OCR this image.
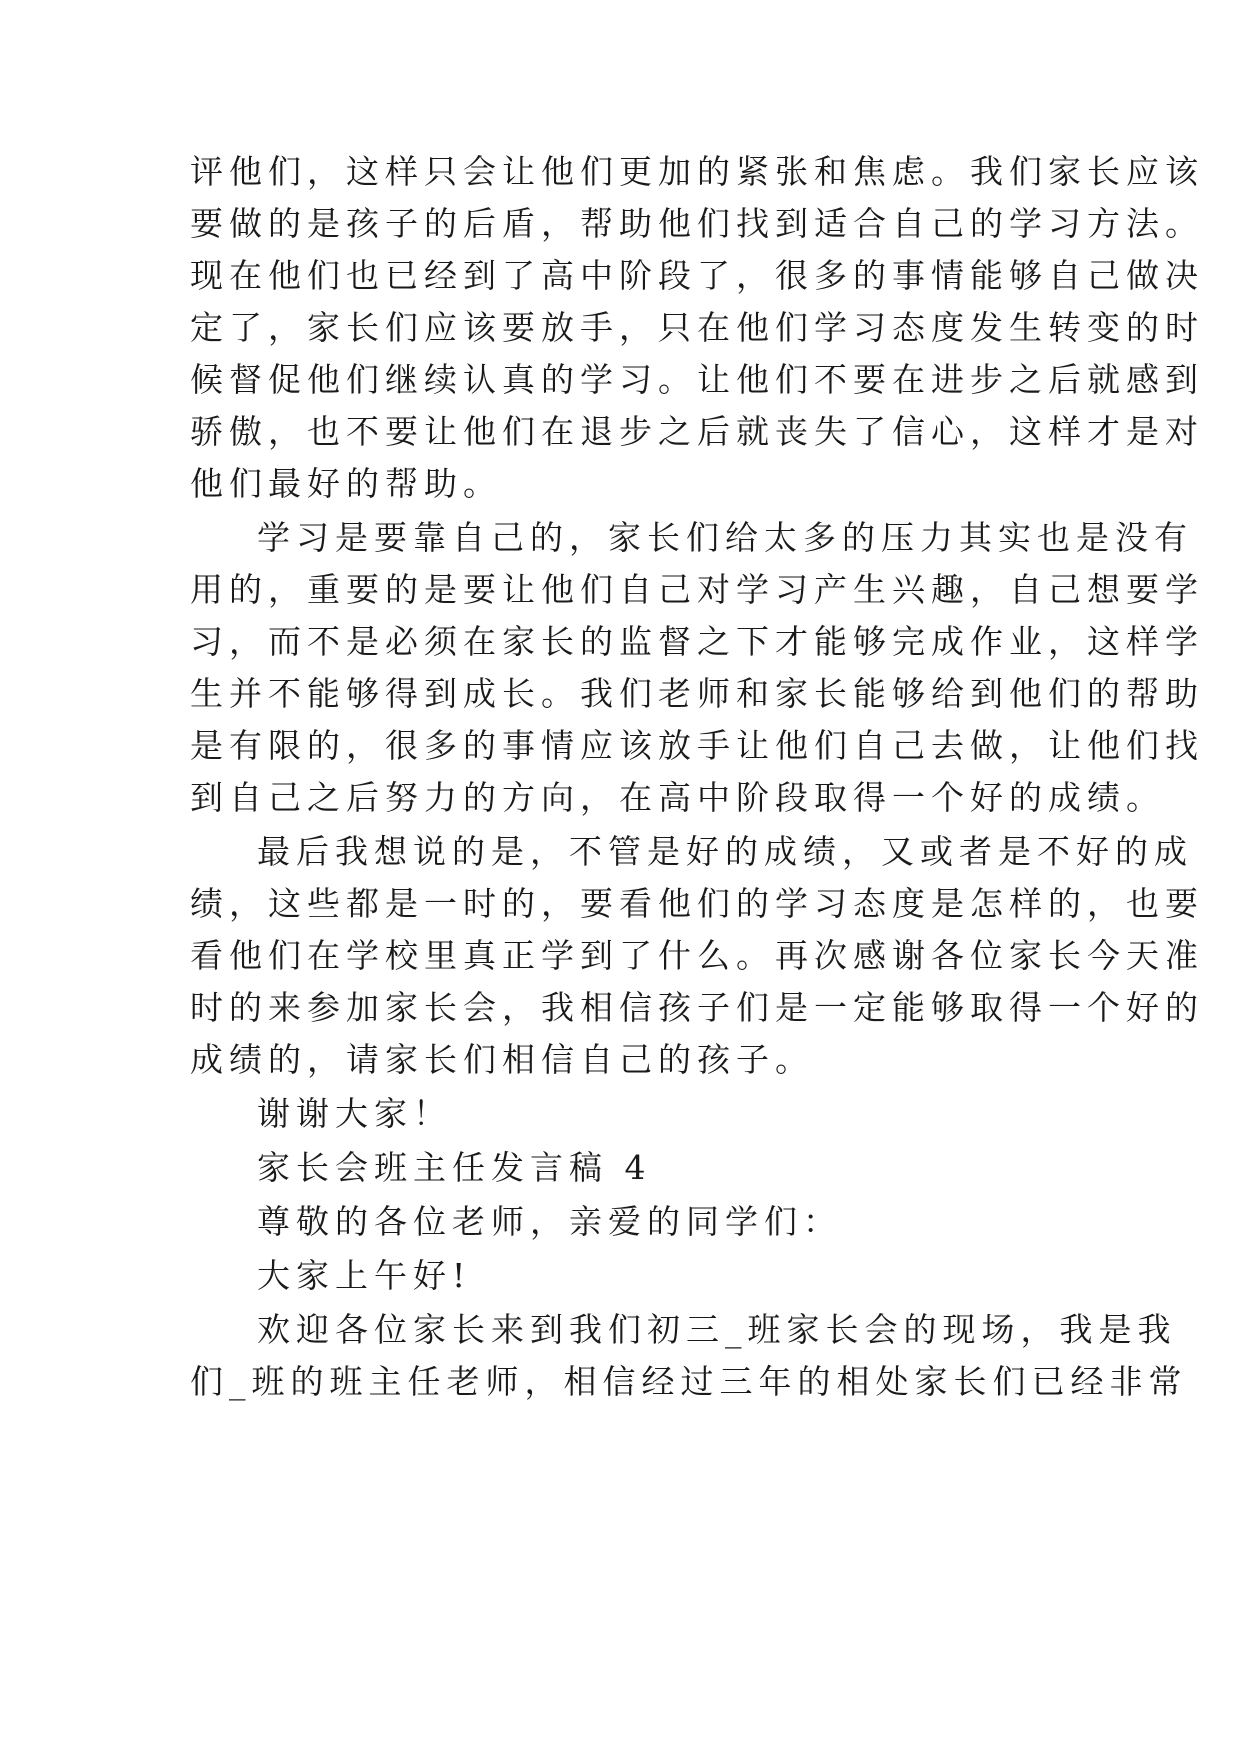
评他们，这样只会让他们更加的紧张和焦虑。我们家长应该
要做的是孩子的后盾，帮助他们找到适合自己的学习方法。
现在他们也已经到了高中阶段了，很多的事情能够自己做决
定了，家长们应该要放手，只在他们学习态度发生转变的时
候督促他们继续认真的学习。让他们不要在进步之后就感到
骄傲，也不要让他们在退步之后就丧失了信心，这样才是对
他们最好的帮助。
学习是要靠自己的，家长们给太多的压力其实也是没有
用的，重要的是要让他们自己对学习产生兴趣，自己想要学
习，而不是必须在家长的监督之下才能够完成作业，这样学
生并不能够得到成长。我们老师和家长能够给到他们的帮助
是有限的，很多的事情应该放手让他们自己去做，让他们找
到自己之后努力的方向，在高中阶段取得一个好的成绩。
最后我想说的是，不管是好的成绩，又或者是不好的成
绩，这些都是一时的，要看他们的学习态度是怎样的，也要
看他们在学校里真正学到了什么。再次感谢各位家长今天准
时的来参加家长会，我相信孩子们是一定能够取得一个好的
成绩的，请家长们相信自己的孩子。
谢谢大家！
家长会班主任发言稿 4
尊敬的各位老师，亲爱的同学们：
大家上午好!
欢迎各位家长来到我们初三_班家长会的现场，我是我
们_班的班主任老师，相信经过三年的相处家长们已经非常
